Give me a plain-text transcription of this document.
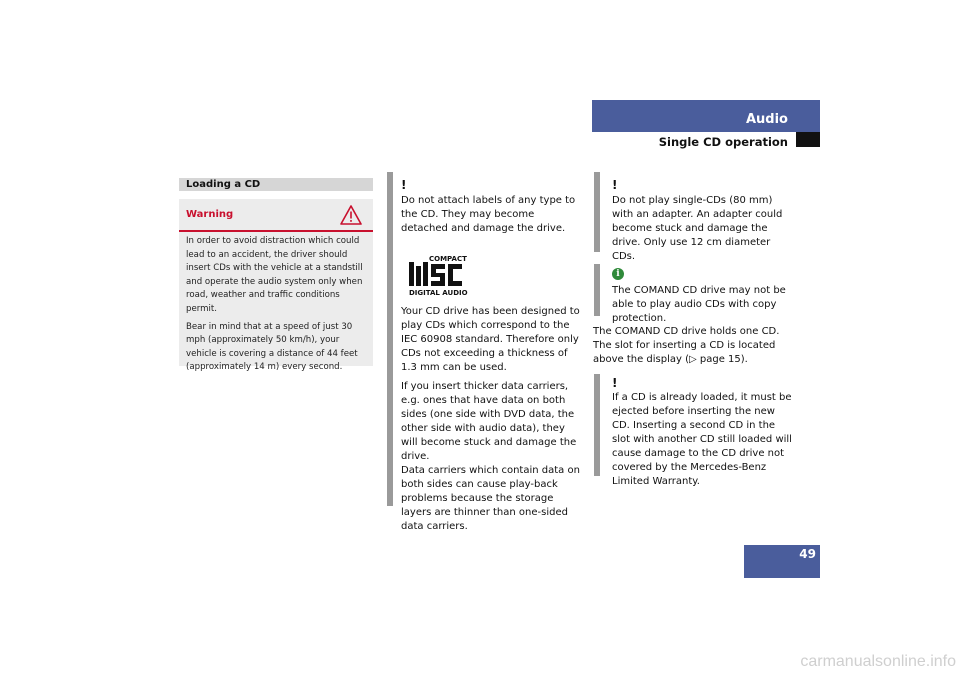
Audio
Single CD operation
Loading a CD
Warning

In order to avoid distraction which could lead to an accident, the driver should insert CDs with the vehicle at a standstill and operate the audio system only when road, weather and traffic conditions permit.

Bear in mind that at a speed of just 30 mph (approximately 50 km/h), your vehicle is covering a distance of 44 feet (approximately 14 m) every second.

!
Do not attach labels of any type to the CD. They may become detached and damage the drive.
COMPACT
DIGITAL AUDIO

Your CD drive has been designed to play CDs which correspond to the IEC 60908 standard. Therefore only CDs not exceeding a thickness of 1.3 mm can be used.

If you insert thicker data carriers, e.g. ones that have data on both sides (one side with DVD data, the other side with audio data), they will become stuck and damage the drive.

Data carriers which contain data on both sides can cause play-back problems because the storage layers are thinner than one-sided data carriers.

!
Do not play single-CDs (80 mm) with an adapter. An adapter could become stuck and damage the drive. Only use 12 cm diameter CDs.
i
The COMAND CD drive may not be able to play audio CDs with copy protection.
The COMAND CD drive holds one CD. The slot for inserting a CD is located above the display (▷ page 15).
!
If a CD is already loaded, it must be ejected before inserting the new CD. Inserting a second CD in the slot with another CD still loaded will cause damage to the CD drive not covered by the Mercedes-Benz Limited Warranty.
49
carmanualsonline.info
